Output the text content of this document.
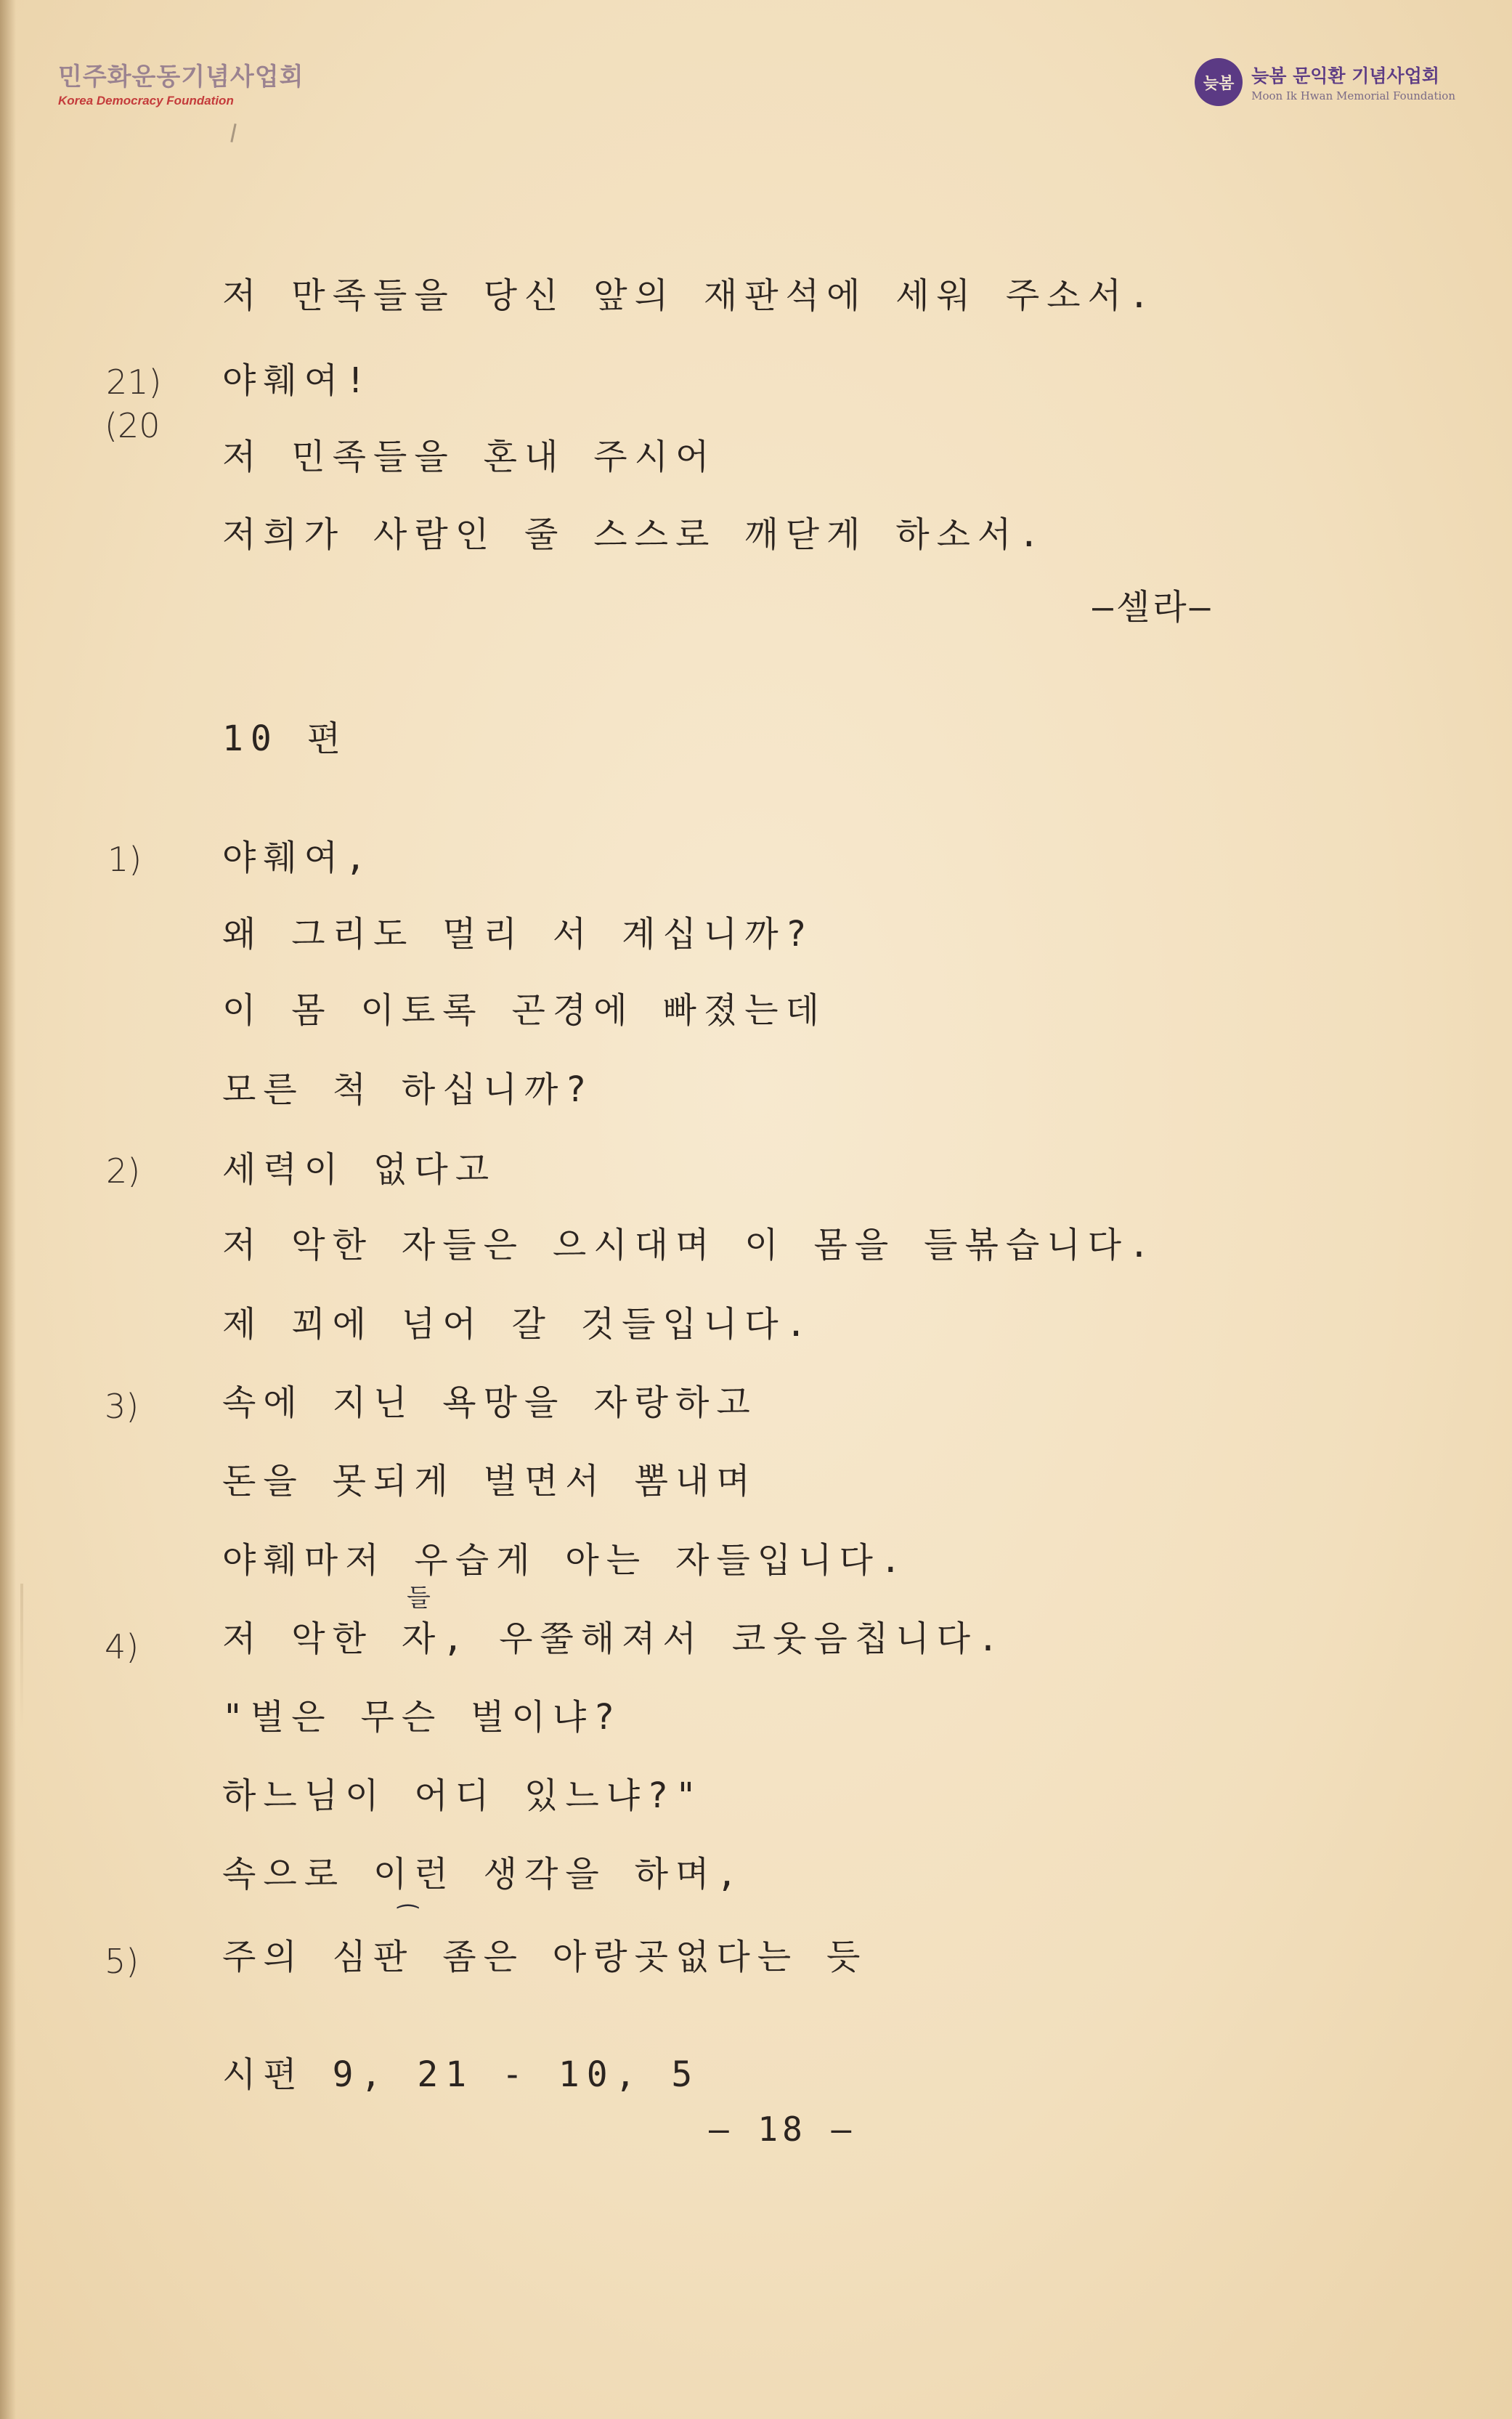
민주화운동기념사업회
Korea Democracy Foundation
늦봄 늦봄 문익환 기념사업회
Moon Ik Hwan Memorial Foundation
저 만족들을 당신 앞의 재판석에 세워 주소서.
21) 야훼여!
(20
저 민족들을 혼내 주시어
저희가 사람인 줄 스스로 깨닫게 하소서.
—셀라—
10 편
1) 야훼여,
왜 그리도 멀리 서 계십니까?
이 몸 이토록 곤경에 빠졌는데
모른 척 하십니까?
2) 세력이 없다고
저 악한 자들은 으시대며 이 몸을 들볶습니다.
제 꾀에 넘어 갈 것들입니다.
3) 속에 지닌 욕망을 자랑하고
돈을 못되게 벌면서 뽐내며
야훼마저 우습게 아는 자들입니다.
들
4) 저 악한 자, 우쭐해져서 코웃음칩니다.
"벌은 무슨 벌이냐?
하느님이 어디 있느냐?"
속으로 이런 생각을 하며,
⁀
5) 주의 심판 좀은 아랑곳없다는 듯
시편 9, 21 - 10, 5
— 18 —
